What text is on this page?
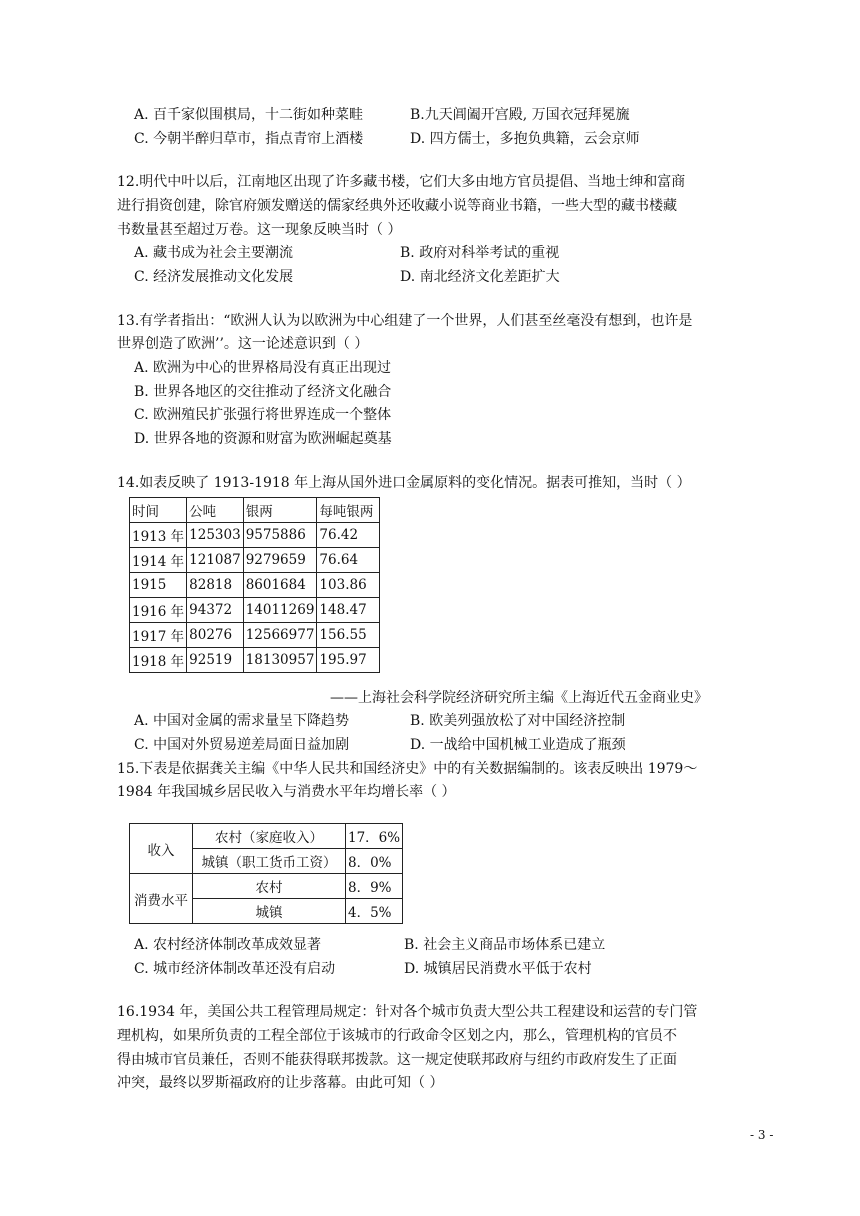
A. 百千家似围棋局，十二街如种菜畦	B.九天阊阖开宫殿, 万国衣冠拜冕旒
C. 今朝半醉归草市，指点青帘上酒楼	D. 四方儒士，多抱负典籍，云会京师
12.明代中叶以后，江南地区出现了许多藏书楼，它们大多由地方官员提倡、当地士绅和富商
进行捐资创建，除官府颁发赠送的儒家经典外还收藏小说等商业书籍，一些大型的藏书楼藏
书数量甚至超过万卷。这一现象反映当时（ ）
A. 藏书成为社会主要潮流	B. 政府对科举考试的重视
C. 经济发展推动文化发展	D. 南北经济文化差距扩大
13.有学者指出：“欧洲人认为以欧洲为中心组建了一个世界，人们甚至丝毫没有想到，也许是
世界创造了欧洲’’。这一论述意识到（ ）
A. 欧洲为中心的世界格局没有真正出现过
B. 世界各地区的交往推动了经济文化融合
C. 欧洲殖民扩张强行将世界连成一个整体
D. 世界各地的资源和财富为欧洲崛起奠基
14.如表反映了 1913-1918 年上海从国外进口金属原料的变化情况。据表可推知，当时（ ）
时间	公吨	银两	每吨银两
1913 年	125303	9575886	76.42
1914 年	121087	9279659	76.64
1915	82818	8601684	103.86
1916 年	94372	14011269	148.47
1917 年	80276	12566977	156.55
1918 年	92519	18130957	195.97
——上海社会科学院经济研究所主编《上海近代五金商业史》
A. 中国对金属的需求量呈下降趋势	B. 欧美列强放松了对中国经济控制
C. 中国对外贸易逆差局面日益加剧	D. 一战给中国机械工业造成了瓶颈
15.下表是依据龚关主编《中华人民共和国经济史》中的有关数据编制的。该表反映出 1979～
1984 年我国城乡居民收入与消费水平年均增长率（ ）
收入	农村（家庭收入）	17．6%
	城镇（职工货币工资）	8．0%
消费水平	农村	8．9%
	城镇	4．5%
A. 农村经济体制改革成效显著	B. 社会主义商品市场体系已建立
C. 城市经济体制改革还没有启动	D. 城镇居民消费水平低于农村
16.1934 年，美国公共工程管理局规定：针对各个城市负责大型公共工程建设和运营的专门管
理机构，如果所负责的工程全部位于该城市的行政命令区划之内，那么，管理机构的官员不
得由城市官员兼任，否则不能获得联邦拨款。这一规定使联邦政府与纽约市政府发生了正面
冲突，最终以罗斯福政府的让步落幕。由此可知（ ）
- 3 -
